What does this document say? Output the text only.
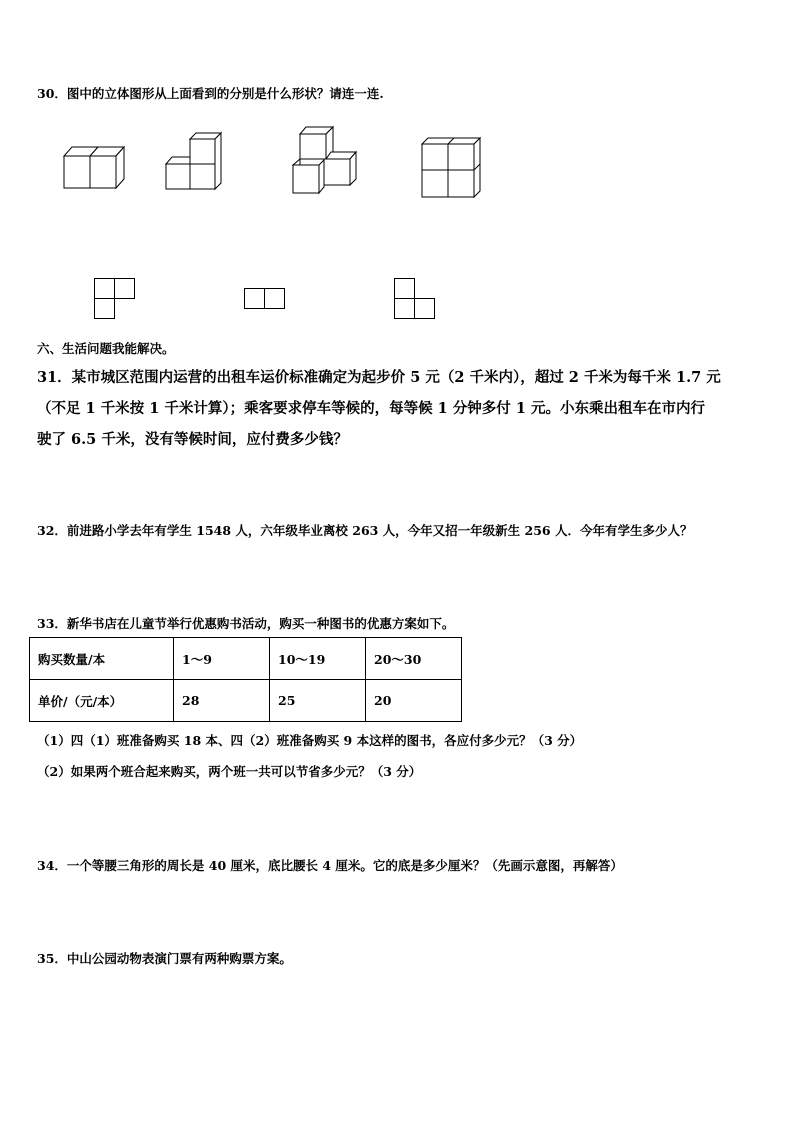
30．图中的立体图形从上面看到的分别是什么形状？请连一连.
六、生活问题我能解决。
31．某市城区范围内运营的出租车运价标准确定为起步价 5 元（2 千米内），超过 2 千米为每千米 1.7 元
（不足 1 千米按 1 千米计算）；乘客要求停车等候的，每等候 1 分钟多付 1 元。小东乘出租车在市内行
驶了 6.5 千米，没有等候时间，应付费多少钱？
32．前进路小学去年有学生 1548 人，六年级毕业离校 263 人，今年又招一年级新生 256 人．今年有学生多少人？
33．新华书店在儿童节举行优惠购书活动，购买一种图书的优惠方案如下。
购买数量/本	1～9	10～19	20～30
单价/（元/本）	28	25	20
（1）四（1）班准备购买 18 本、四（2）班准备购买 9 本这样的图书，各应付多少元？（3 分）
（2）如果两个班合起来购买，两个班一共可以节省多少元？（3 分）
34．一个等腰三角形的周长是 40 厘米，底比腰长 4 厘米。它的底是多少厘米？（先画示意图，再解答）
35．中山公园动物表演门票有两种购票方案。
